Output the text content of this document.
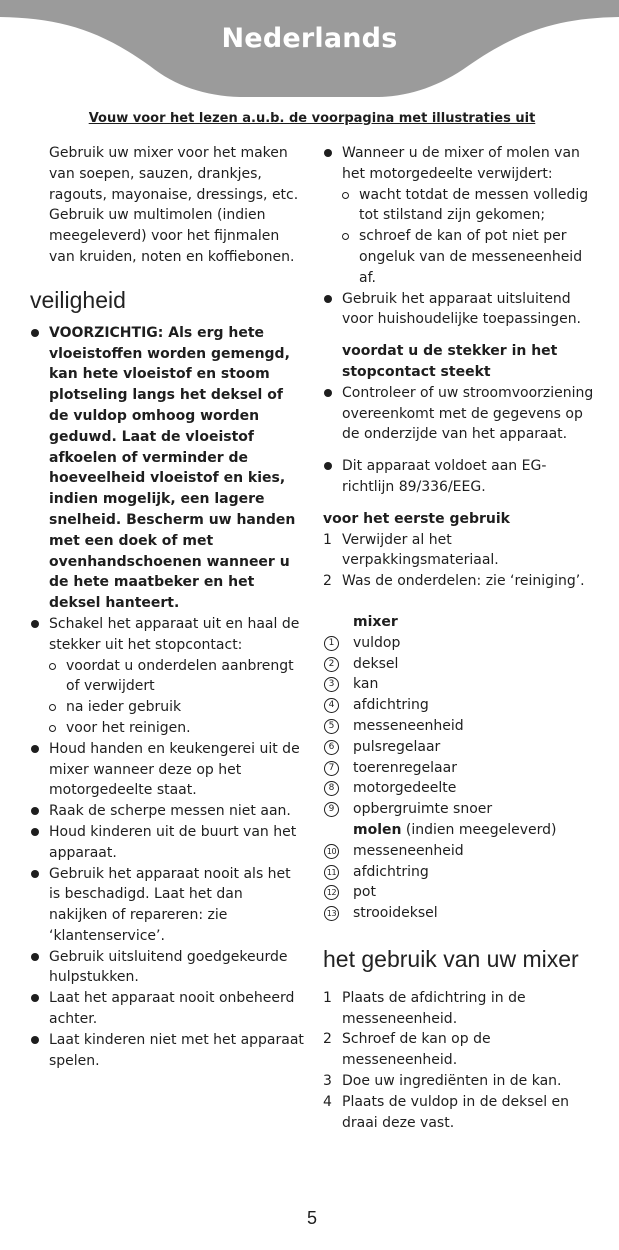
Nederlands
Vouw voor het lezen a.u.b. de voorpagina met illustraties uit

Gebruik uw mixer voor het maken van soepen, sauzen, drankjes, ragouts, mayonaise, dressings, etc. Gebruik uw multimolen (indien meegeleverd) voor het fijnmalen van kruiden, noten en koffiebonen.

veiligheid

VOORZICHTIG: Als erg hete vloeistoffen worden gemengd, kan hete vloeistof en stoom plotseling langs het deksel of de vuldop omhoog worden geduwd. Laat de vloeistof afkoelen of verminder de hoeveelheid vloeistof en kies, indien mogelijk, een lagere snelheid. Bescherm uw handen met een doek of met ovenhandschoenen wanneer u de hete maatbeker en het deksel hanteert.

Schakel het apparaat uit en haal de stekker uit het stopcontact:

voordat u onderdelen aanbrengt of verwijdert

na ieder gebruik

voor het reinigen.

Houd handen en keukengerei uit de mixer wanneer deze op het motorgedeelte staat.

Raak de scherpe messen niet aan.

Houd kinderen uit de buurt van het apparaat.

Gebruik het apparaat nooit als het is beschadigd. Laat het dan nakijken of repareren: zie ‘klantenservice’.

Gebruik uitsluitend goedgekeurde hulpstukken.

Laat het apparaat nooit onbeheerd achter.

Laat kinderen niet met het apparaat spelen.

Wanneer u de mixer of molen van het motorgedeelte verwijdert:

wacht totdat de messen volledig tot stilstand zijn gekomen;

schroef de kan of pot niet per ongeluk van de messeneenheid af.

Gebruik het apparaat uitsluitend voor huishoudelijke toepassingen.

voordat u de stekker in het stopcontact steekt

Controleer of uw stroomvoorziening overeenkomt met de gegevens op de onderzijde van het apparaat.

Dit apparaat voldoet aan EG-richtlijn 89/336/EEG.

voor het eerste gebruik

1 Verwijder al het verpakkingsmateriaal.

2 Was de onderdelen: zie ‘reiniging’.

mixer

1	vuldop

2	deksel

3	kan

4	afdichtring

5	messeneenheid

6	pulsregelaar

7	toerenregelaar

8	motorgedeelte

9	opbergruimte snoer

molen (indien meegeleverd)

10 messeneenheid

11 afdichtring

12 pot

13 strooideksel

het gebruik van uw mixer

1 Plaats de afdichtring in de messeneenheid.

2 Schroef de kan op de messeneenheid.

3 Doe uw ingrediënten in de kan.

4 Plaats de vuldop in de deksel en draai deze vast.

5
